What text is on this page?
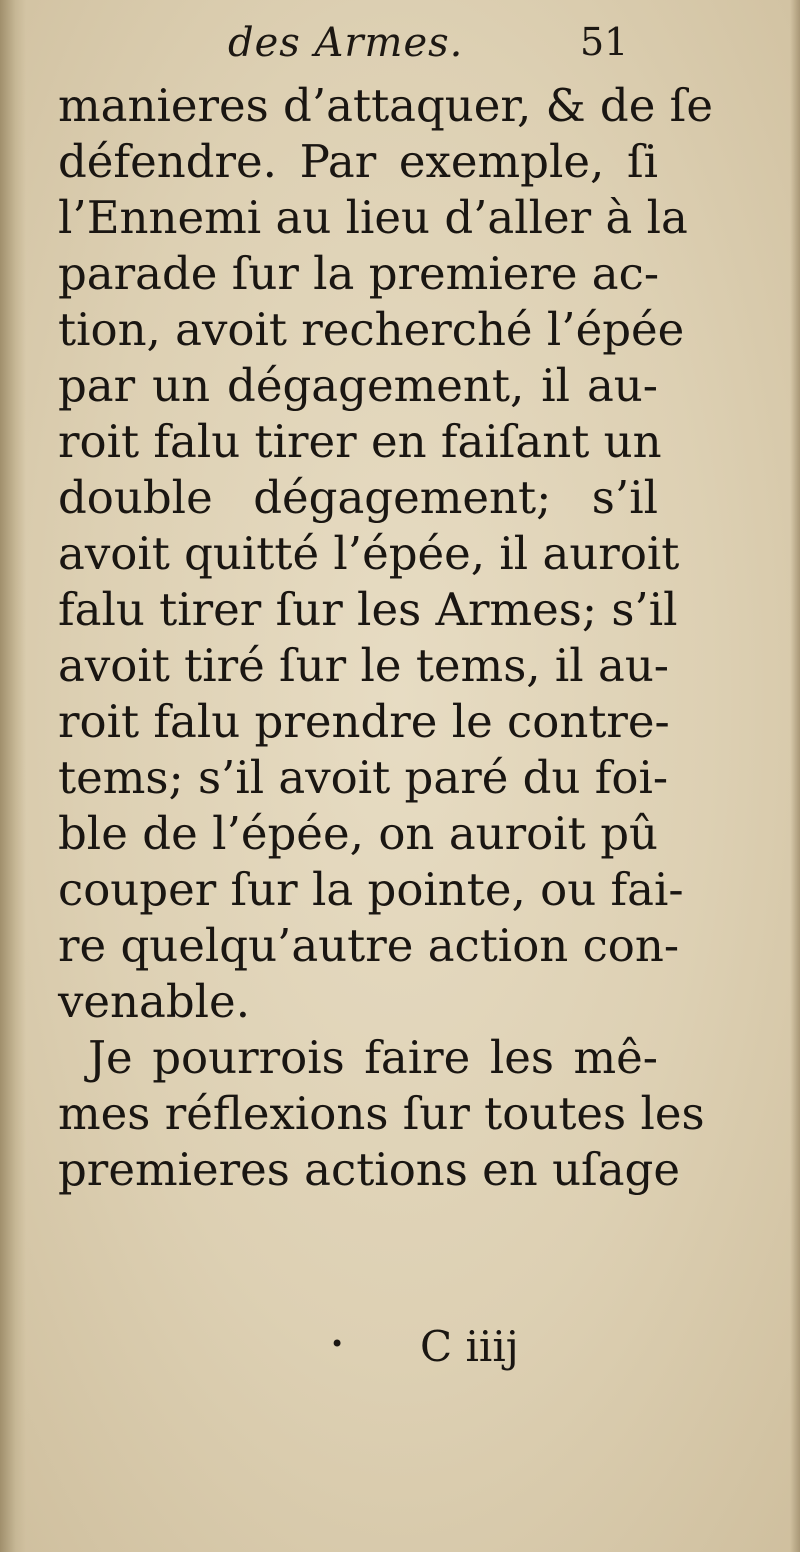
des Armes.	51
manieres d’attaquer, & de ſe
défendre. Par exemple, ſi
l’Ennemi au lieu d’aller à la
parade ſur la premiere ac-
tion, avoit recherché l’épée
par un dégagement, il au-
roit falu tirer en faiſant un
double dégagement; s’il
avoit quitté l’épée, il auroit
falu tirer ſur les Armes; s’il
avoit tiré ſur le tems, il au-
roit falu prendre le contre-
tems; s’il avoit paré du foi-
ble de l’épée, on auroit pû
couper ſur la pointe, ou fai-
re quelqu’autre action con-
venable.
Je pourrois faire les mê-
mes réflexions ſur toutes les
premieres actions en uſage
• C iiij
